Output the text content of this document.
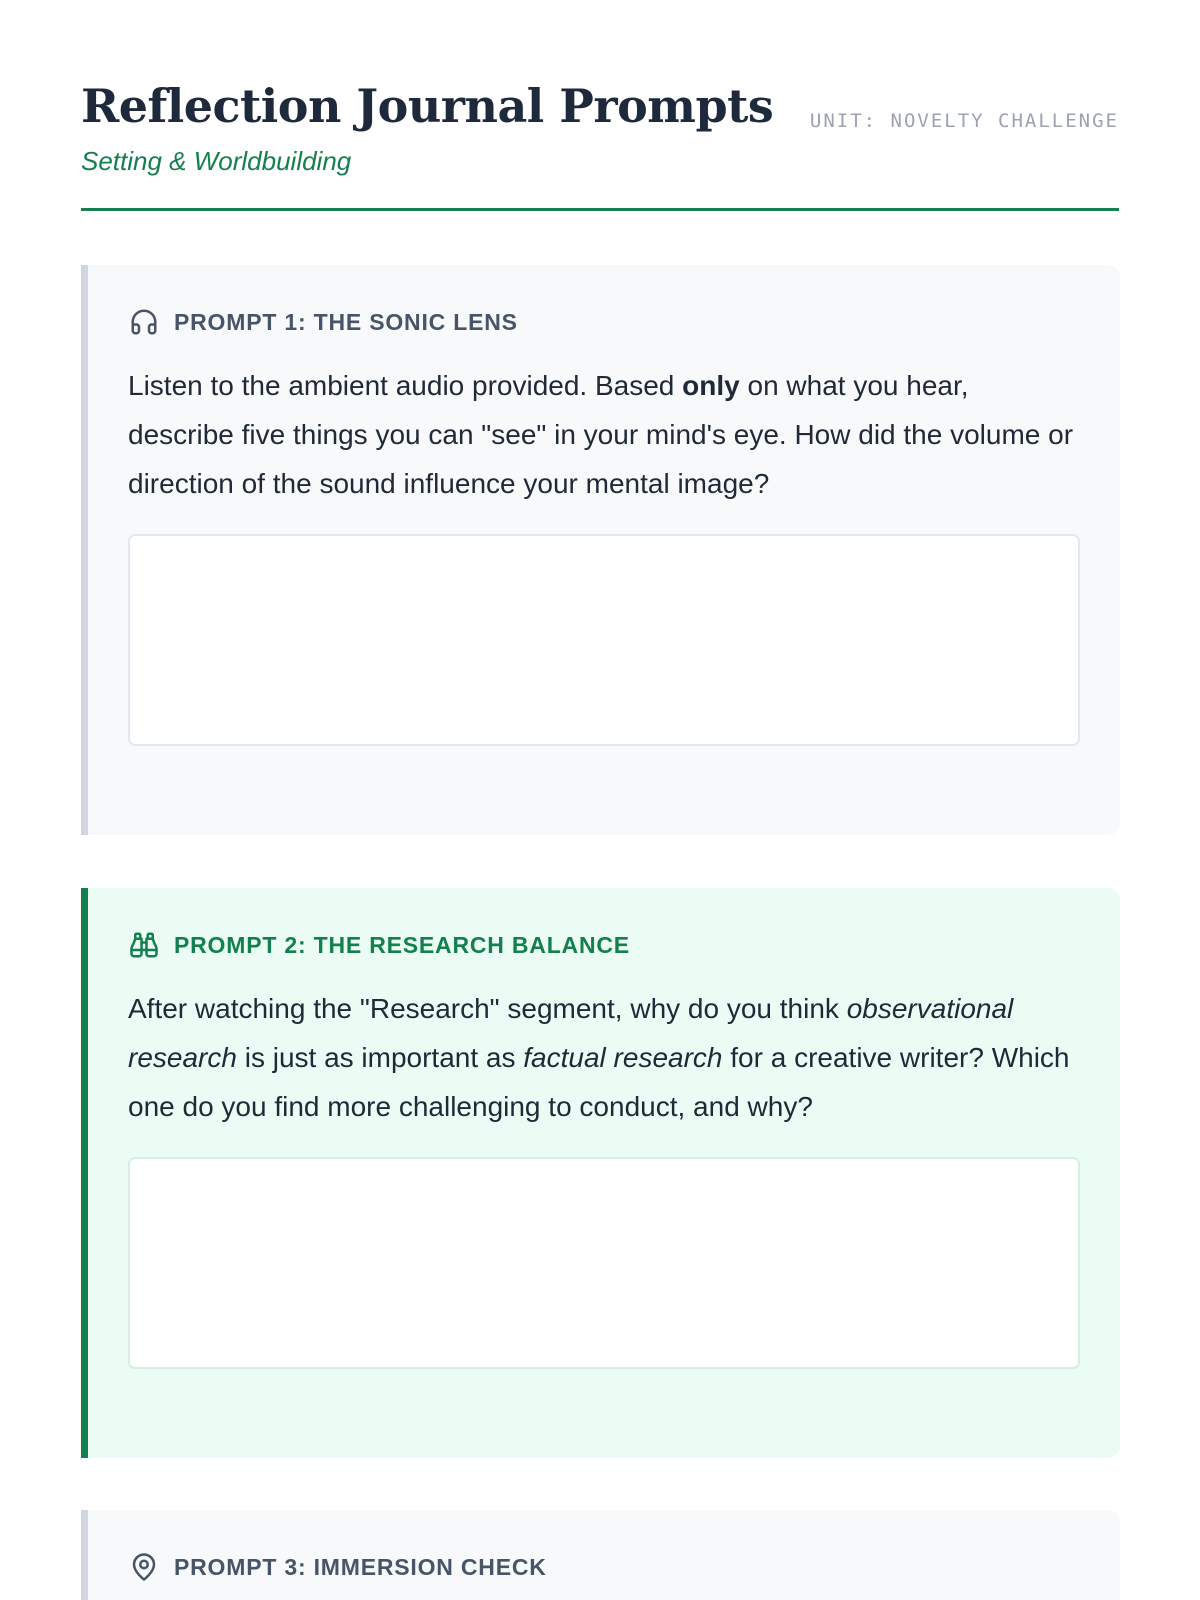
Reflection Journal Prompts
Setting & Worldbuilding
UNIT: NOVELTY CHALLENGE
PROMPT 1: THE SONIC LENS

Listen to the ambient audio provided. Based only on what you hear, describe five things you can "see" in your mind's eye. How did the volume or direction of the sound influence your mental image?

PROMPT 2: THE RESEARCH BALANCE

After watching the "Research" segment, why do you think observational research is just as important as factual research for a creative writer? Which one do you find more challenging to conduct, and why?

PROMPT 3: IMMERSION CHECK
